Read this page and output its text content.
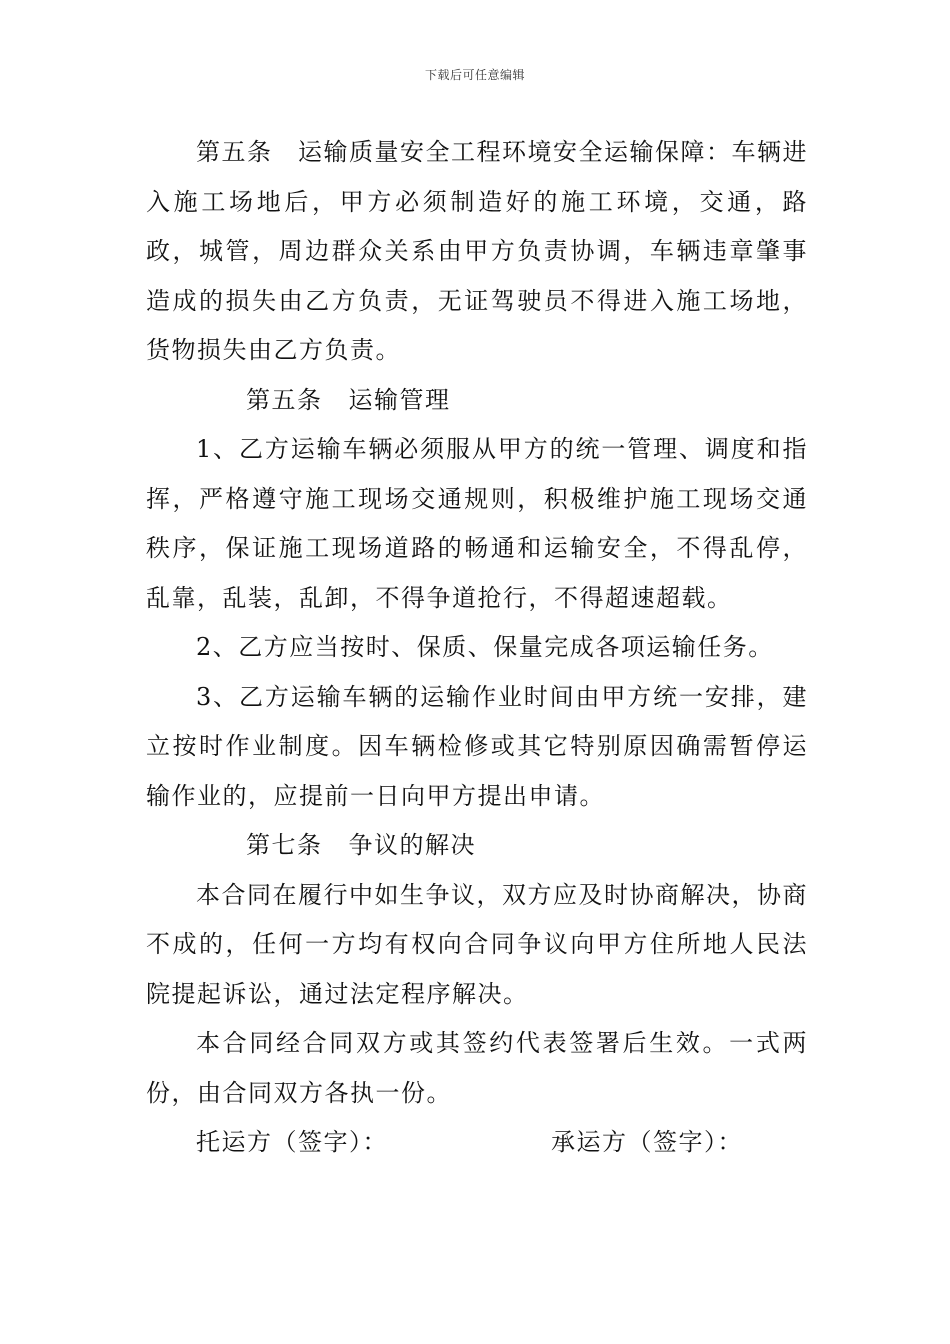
下载后可任意编辑

第五条　运输质量安全工程环境安全运输保障：车辆进入施工场地后，甲方必须制造好的施工环境，交通，路政，城管，周边群众关系由甲方负责协调，车辆违章肇事造成的损失由乙方负责，无证驾驶员不得进入施工场地，货物损失由乙方负责。

第五条 运输管理

1、乙方运输车辆必须服从甲方的统一管理、调度和指挥，严格遵守施工现场交通规则，积极维护施工现场交通秩序，保证施工现场道路的畅通和运输安全，不得乱停，乱靠，乱装，乱卸，不得争道抢行，不得超速超载。

2、乙方应当按时、保质、保量完成各项运输任务。

3、乙方运输车辆的运输作业时间由甲方统一安排，建立按时作业制度。因车辆检修或其它特别原因确需暂停运输作业的，应提前一日向甲方提出申请。

第七条 争议的解决

本合同在履行中如生争议，双方应及时协商解决，协商不成的，任何一方均有权向合同争议向甲方住所地人民法院提起诉讼，通过法定程序解决。

本合同经合同双方或其签约代表签署后生效。一式两份，由合同双方各执一份。

托运方（签字）：	承运方（签字）：
